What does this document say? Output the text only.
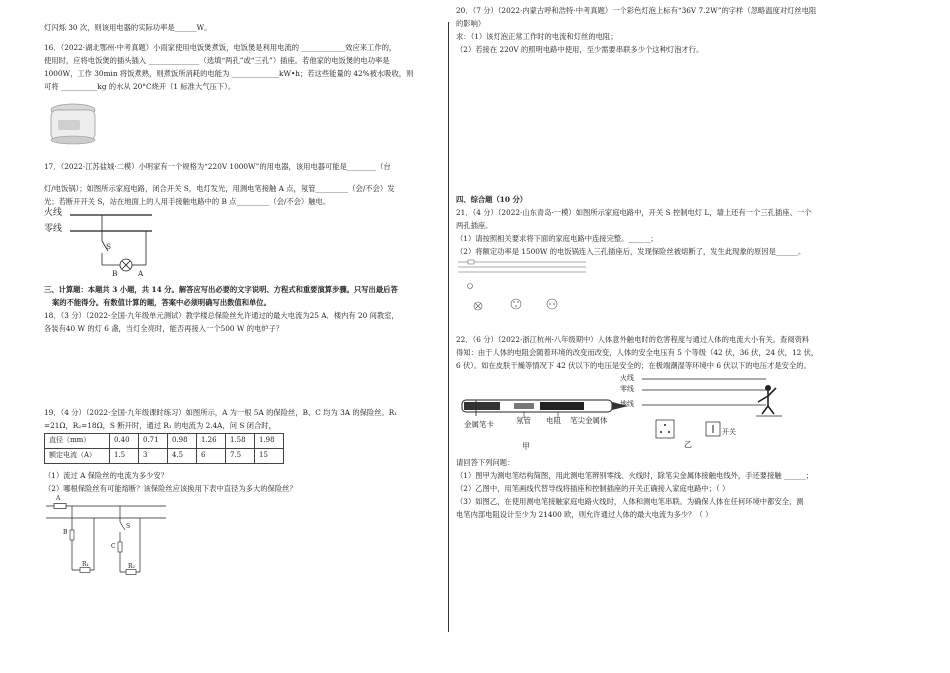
灯闪烁 30 次，则该用电器的实际功率是______W。

16．（2022·湖北鄂州·中考真题）小雨家使用电饭煲煮饭，电饭煲是利用电流的 ____________效应来工作的，

使用时，应将电饭煲的插头插入 ______________（选填“两孔”或“三孔”）插座。若他家的电饭煲的电功率是

1000W，工作 30min 将饭煮熟，则煮饭所消耗的电能为 _____________kW•h；若这些能量的 42%被水吸收，则

可将 __________kg 的水从 20°C烧开（1 标准大气压下）。

17．（2022·江苏盐城·二模）小明家有一个规格为“220V 1000W”的用电器，该用电器可能是________（台

灯/电饭锅）；如图所示家庭电路，闭合开关 S，电灯发光，用测电笔接触 A 点，氖管_________（会/不会）发

光；若断开开关 S，站在地面上的人用手接触电路中的 B 点_________（会/不会）触电。

火线
零线
S
B	A

三、计算题：本题共 3 小题，共 14 分。解答应写出必要的文字说明、方程式和重要演算步骤。只写出最后答

案的不能得分。有数值计算的题，答案中必须明确写出数值和单位。

18．（3 分）（2022·全国·九年级单元测试）教学楼总保险丝允许通过的最大电流为25 A．楼内有 20 间教室，

各装有40 W 的灯 6 盏，当灯全亮时，能否再接入一个500 W 的电炉子？

19．（4 分）（2022·全国·九年级课时练习）如图所示，A 为一根 5A 的保险丝，B、C 均为 3A 的保险丝。R₁

=21Ω，R₂=18Ω，S 断开时，通过 R₁ 的电流为 2.4A，问 S 闭合时，

直径（mm）	0.40	0.71	0.98	1.26	1.58	1.98
额定电流（A）	1.5	3	4.5	6	7.5	15

（1）流过 A 保险丝的电流为多少安？

（2）哪根保险丝有可能熔断？该保险丝应该换用下表中直径为多大的保险丝？

A
B
R₁
S
C
R₂

20．（7 分）（2022·内蒙古呼和浩特·中考真题）一个彩色灯泡上标有“36V 7.2W”的字样（忽略温度对灯丝电阻

的影响）

求：（1）该灯泡正常工作时的电流和灯丝的电阻；

（2）若接在 220V 的照明电路中使用，至少需要串联多少个这种灯泡才行。

四、综合题（10 分）

21．（4 分）（2022·山东青岛·一模）如图所示家庭电路中，开关 S 控制电灯 L，墙上还有一个三孔插座、一个

两孔插座。

（1）请按照相关要求将下面的家庭电路中连接完整。______；

（2）将额定功率是 1500W 的电饭锅连入三孔插座后，发现保险丝被熔断了，发生此现象的原因是______。

22．（6 分）（2022·浙江杭州·八年级期中）人体意外触电时的危害程度与通过人体的电流大小有关。查阅资料

得知：由于人体的电阻会随着环境的改变而改变，人体的安全电压有 5 个等级（42 伏，36 伏，24 伏，12 伏，

6 伏）。如在皮肤干燥等情况下 42 伏以下的电压是安全的；在极端潮湿等环境中 6 伏以下的电压才是安全的。

金属笔卡	氖管 电阻 笔尖金属体
甲
火线
零线
地线
开关
乙

请回答下列问题：

（1）图甲为测电笔结构简图，用此测电笔辨别零线、火线时，除笔尖金属体接触电线外，手还要接触 ______；

（2）乙图中，用笔画线代替导线将插座和控制插座的开关正确接入家庭电路中；（ ）

（3）如图乙，在使用测电笔接触家庭电路火线时，人体和测电笔串联。为确保人体在任何环境中都安全，测

电笔内部电阻设计至少为 21400 欧，则允许通过人体的最大电流为多少？（ ）
